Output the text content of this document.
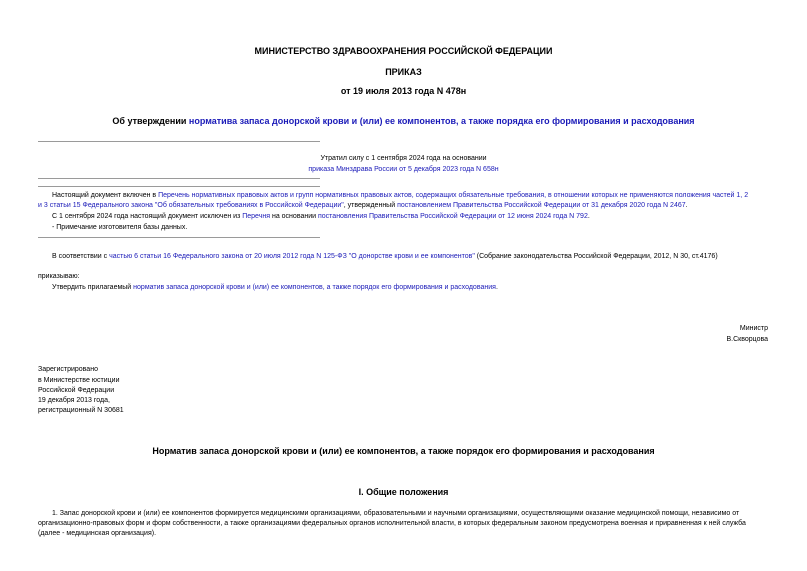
МИНИСТЕРСТВО ЗДРАВООХРАНЕНИЯ РОССИЙСКОЙ ФЕДЕРАЦИИ
ПРИКАЗ
от 19 июля 2013 года N 478н
Об утверждении норматива запаса донорской крови и (или) ее компонентов, а также порядка его формирования и расходования
Утратил силу с 1 сентября 2024 года на основании
приказа Минздрава России от 5 декабря 2023 года N 658н
Настоящий документ включен в Перечень нормативных правовых актов и групп нормативных правовых актов, содержащих обязательные требования, в отношении которых не применяются положения частей 1, 2
и 3 статьи 15 Федерального закона "Об обязательных требованиях в Российской Федерации", утвержденный постановлением Правительства Российской Федерации от 31 декабря 2020 года N 2467.
С 1 сентября 2024 года настоящий документ исключен из Перечня на основании постановления Правительства Российской Федерации от 12 июня 2024 года N 792.
- Примечание изготовителя базы данных.
В соответствии с частью 6 статьи 16 Федерального закона от 20 июля 2012 года N 125-ФЗ "О донорстве крови и ее компонентов" (Собрание законодательства Российской Федерации, 2012, N 30, ст.4176)
приказываю:
Утвердить прилагаемый норматив запаса донорской крови и (или) ее компонентов, а также порядок его формирования и расходования.
Министр
В.Скворцова
Зарегистрировано
в Министерстве юстиции
Российской Федерации
19 декабря 2013 года,
регистрационный N 30681
Норматив запаса донорской крови и (или) ее компонентов, а также порядок его формирования и расходования
I. Общие положения
1. Запас донорской крови и (или) ее компонентов формируется медицинскими организациями, образовательными и научными организациями, осуществляющими оказание медицинской помощи, независимо от
организационно-правовых форм и форм собственности, а также организациями федеральных органов исполнительной власти, в которых федеральным законом предусмотрена военная и приравненная к ней служба
(далее - медицинская организация).
